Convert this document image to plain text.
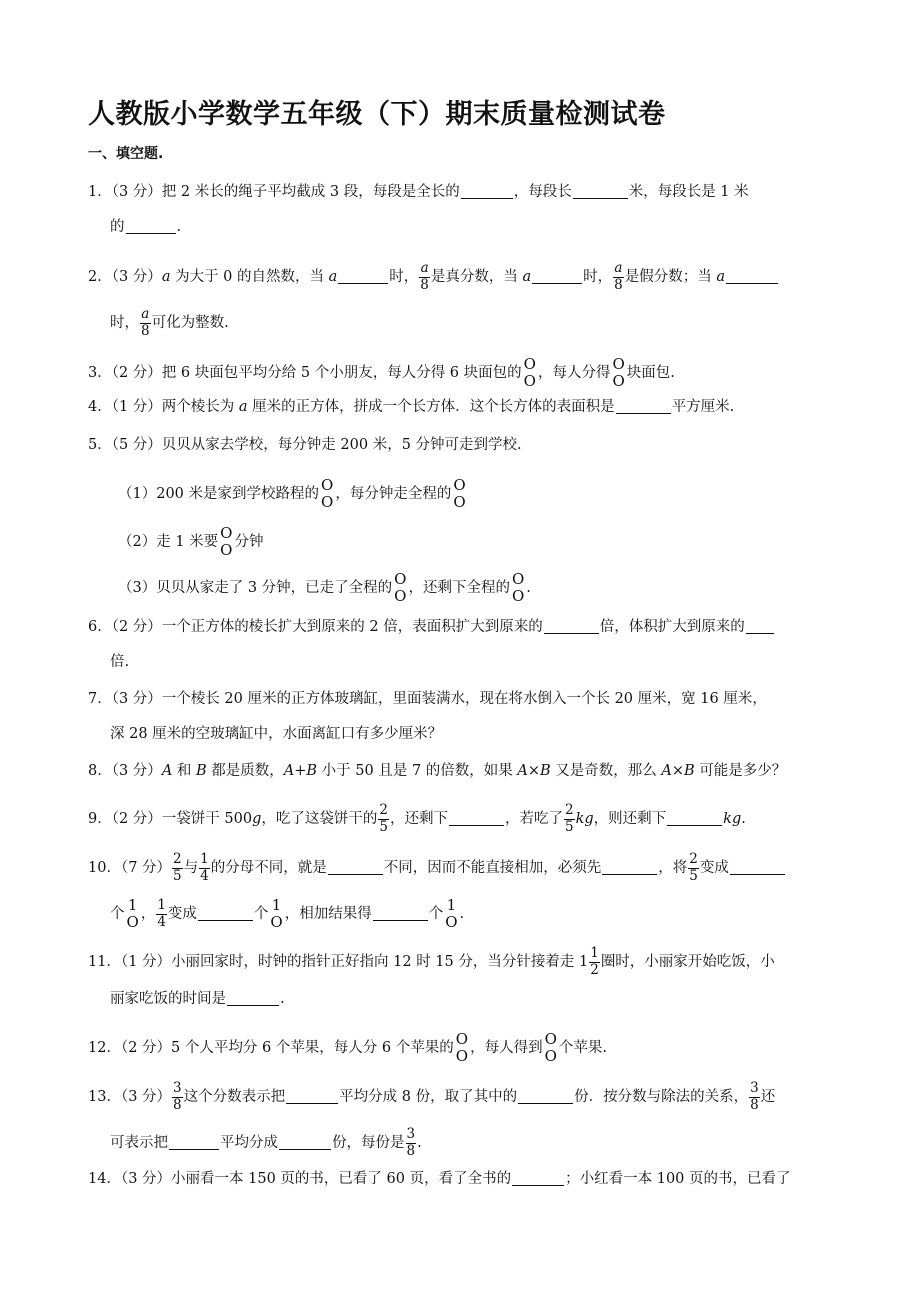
人教版小学数学五年级（下）期末质量检测试卷
一、填空题.
1．（3 分）把 2 米长的绳子平均截成 3 段，每段是全长的	，每段长	米，每段长是 1 米
的	.
2．（3 分） a 为大于 0 的自然数，当 a	时， $\frac{a}{8}$ 是真分数，当 a	时， $\frac{a}{8}$ 是假分数；当 a
时， $\frac{a}{8}$ 可化为整数.
3．（2 分）把 6 块面包平均分给 5 个小朋友，每人分得 6 块面包的 O
O ，每人分得 O
O 块面包.
4．（1 分）两个棱长为 a 厘米的正方体，拼成一个长方体．这个长方体的表面积是	平方厘米.
5．（5 分）贝贝从家去学校，每分钟走 200 米，5 分钟可走到学校.
（1）200 米是家到学校路程的 O
O ，每分钟走全程的 O
O
（2）走 1 米要 O
O 分钟
（3）贝贝从家走了 3 分钟，已走了全程的 O
O ，还剩下全程的 O
O .
6．（2 分）一个正方体的棱长扩大到原来的 2 倍，表面积扩大到原来的	倍，体积扩大到原来的
倍.
7．（3 分）一个棱长 20 厘米的正方体玻璃缸，里面装满水，现在将水倒入一个长 20 厘米，宽 16 厘米，
深 28 厘米的空玻璃缸中，水面离缸口有多少厘米？
8．（3 分） A 和 B 都是质数， A+B 小于 50 且是 7 的倍数，如果 A×B 又是奇数，那么 A×B 可能是多少？
9．（2 分）一袋饼干 500 g ，吃了这袋饼干的 $\frac{2}{5}$ ，还剩下	，若吃了 $\frac{2}{5}$ kg ，则还剩下	kg .
10．（7 分） $\frac{2}{5}$ 与 $\frac{1}{4}$ 的分母不同，就是	不同，因而不能直接相加，必须先	，将 $\frac{2}{5}$ 变成
个 1
O ， $\frac{1}{4}$ 变成	个 1
O ，相加结果得	个 1
O .
11．（1 分）小丽回家时，时钟的指针正好指向 12 时 15 分，当分针接着走 $1 \frac{1}{2}$ 圈时，小丽家开始吃饭，小
丽家吃饭的时间是	.
12．（2 分）5 个人平均分 6 个苹果，每人分 6 个苹果的 O
O ，每人得到 O
O 个苹果.
13．（3 分） $\frac{3}{8}$ 这个分数表示把	平均分成 8 份，取了其中的	份．按分数与除法的关系， $\frac{3}{8}$ 还
可表示把	平均分成	份，每份是 $\frac{3}{8}$ .
14．（3 分）小丽看一本 150 页的书，已看了 60 页，看了全书的	；小红看一本 100 页的书，已看了
